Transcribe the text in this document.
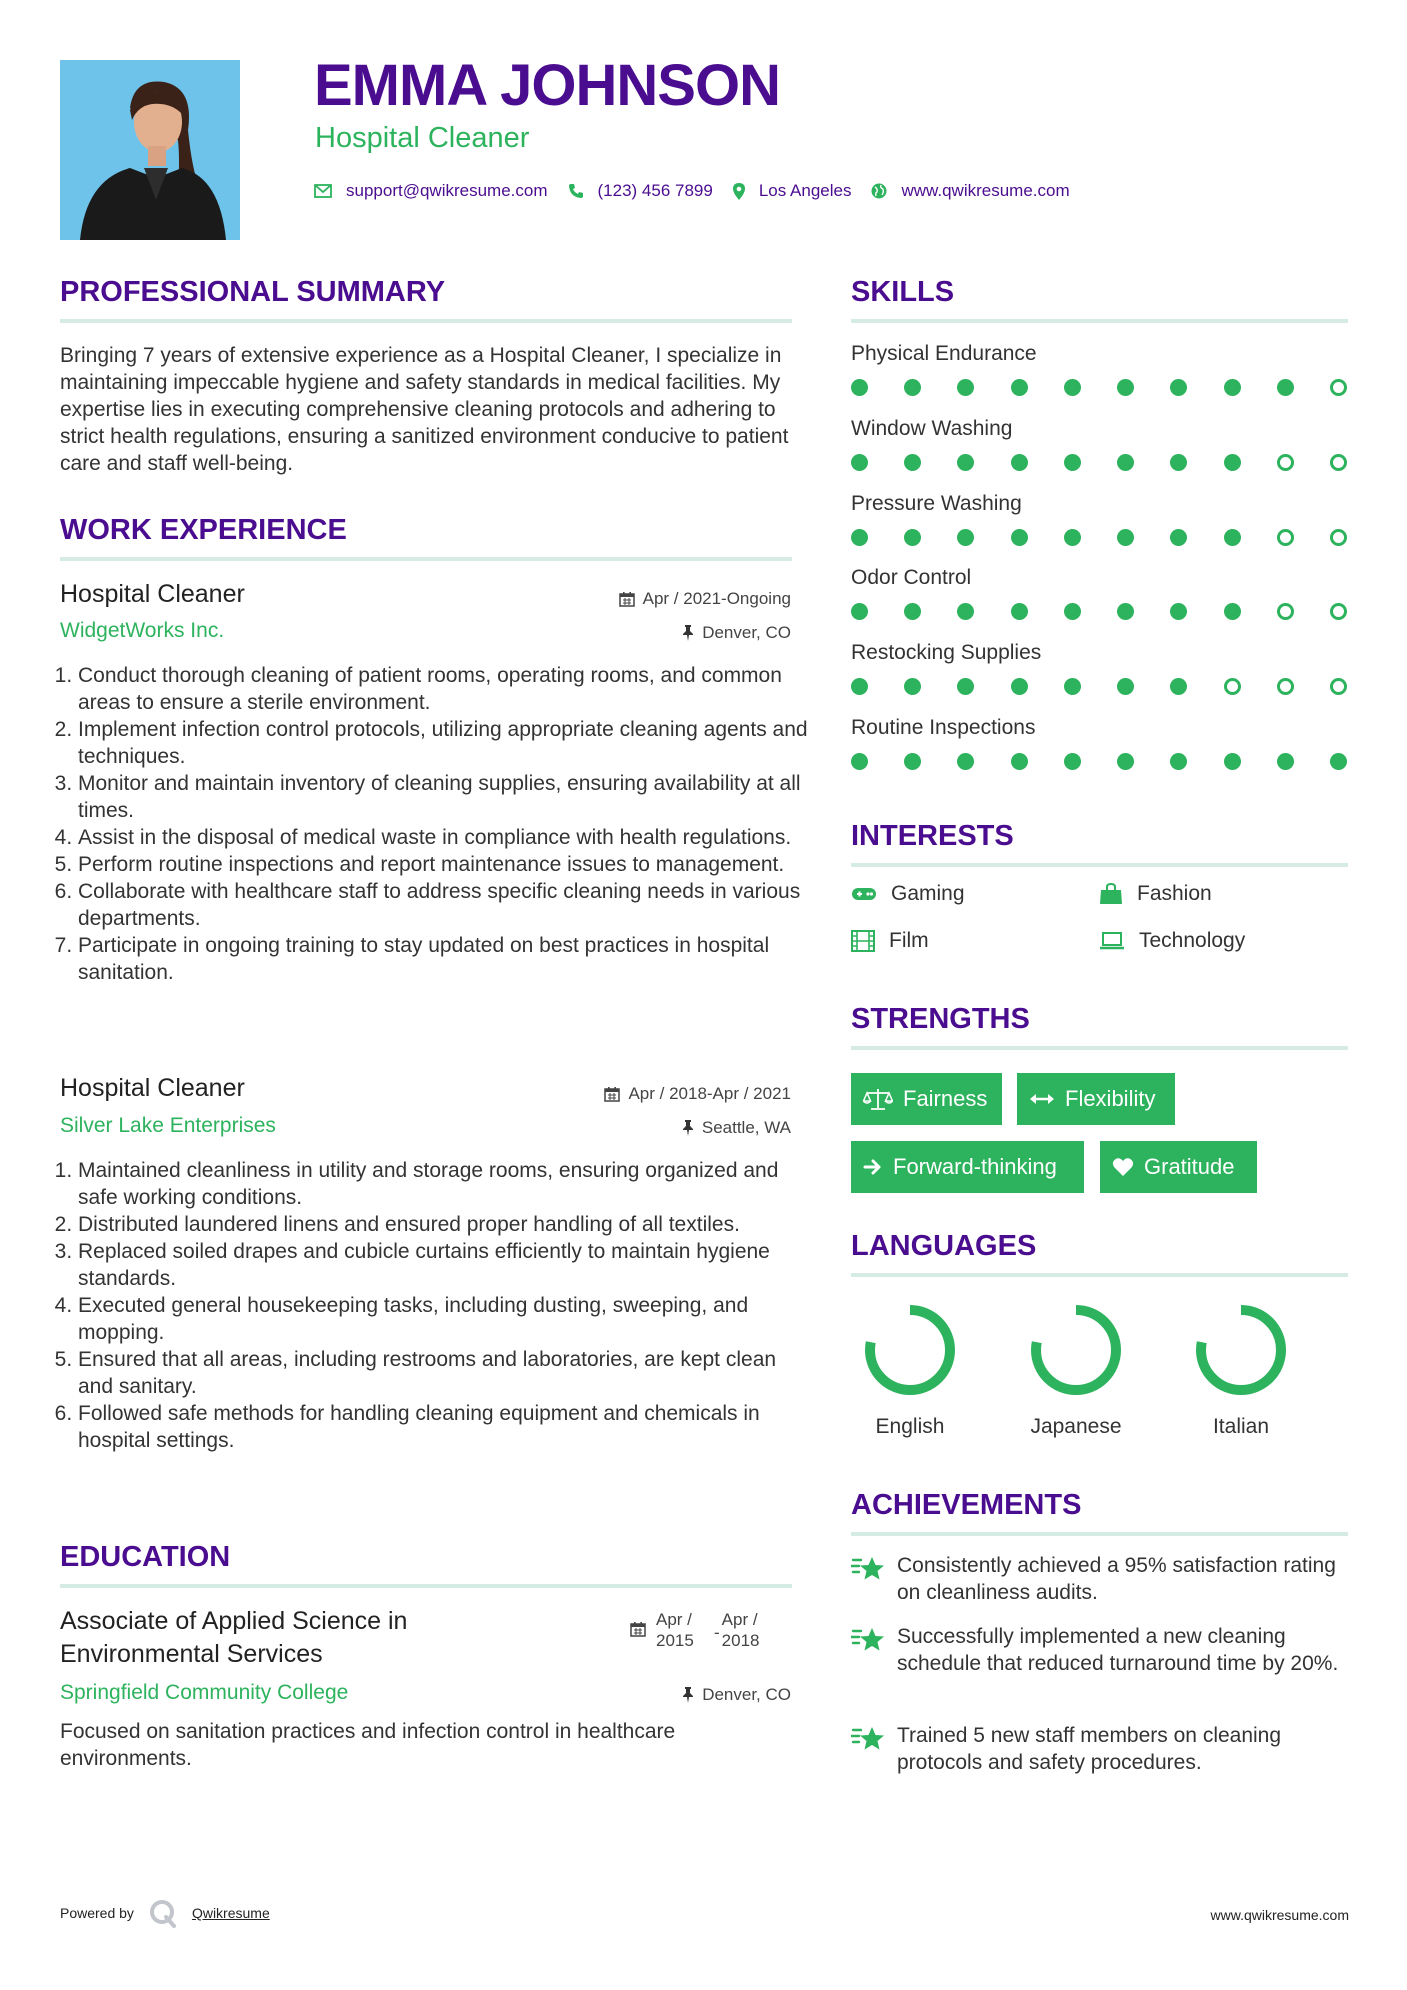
EMMA JOHNSON
Hospital Cleaner
support@qwikresume.com	(123) 456 7899	Los Angeles	www.qwikresume.com
PROFESSIONAL SUMMARY
Bringing 7 years of extensive experience as a Hospital Cleaner, I specialize in maintaining impeccable hygiene and safety standards in medical facilities. My expertise lies in executing comprehensive cleaning protocols and adhering to strict health regulations, ensuring a sanitized environment conducive to patient care and staff well-being.
WORK EXPERIENCE
Hospital Cleaner	Apr / 2021-Ongoing
WidgetWorks Inc.	Denver, CO
1. Conduct thorough cleaning of patient rooms, operating rooms, and common areas to ensure a sterile environment.
2. Implement infection control protocols, utilizing appropriate cleaning agents and techniques.
3. Monitor and maintain inventory of cleaning supplies, ensuring availability at all times.
4. Assist in the disposal of medical waste in compliance with health regulations.
5. Perform routine inspections and report maintenance issues to management.
6. Collaborate with healthcare staff to address specific cleaning needs in various departments.
7. Participate in ongoing training to stay updated on best practices in hospital sanitation.
Hospital Cleaner	Apr / 2018-Apr / 2021
Silver Lake Enterprises	Seattle, WA
1. Maintained cleanliness in utility and storage rooms, ensuring organized and safe working conditions.
2. Distributed laundered linens and ensured proper handling of all textiles.
3. Replaced soiled drapes and cubicle curtains efficiently to maintain hygiene standards.
4. Executed general housekeeping tasks, including dusting, sweeping, and mopping.
5. Ensured that all areas, including restrooms and laboratories, are kept clean and sanitary.
6. Followed safe methods for handling cleaning equipment and chemicals in hospital settings.
EDUCATION
Associate of Applied Science in
Environmental Services
Apr /
2015	-
Apr /
2018
Springfield Community College	Denver, CO
Focused on sanitation practices and infection control in healthcare environments.
SKILLS
Physical Endurance
Window Washing
Pressure Washing
Odor Control
Restocking Supplies
Routine Inspections
INTERESTS
Gaming	Fashion
Film	Technology
STRENGTHS
Fairness	Flexibility
Forward-thinking	Gratitude
LANGUAGES
English	Japanese	Italian
ACHIEVEMENTS
Consistently achieved a 95% satisfaction rating on cleanliness audits.
Successfully implemented a new cleaning schedule that reduced turnaround time by 20%.
Trained 5 new staff members on cleaning protocols and safety procedures.
Powered by	Qwikresume	www.qwikresume.com
